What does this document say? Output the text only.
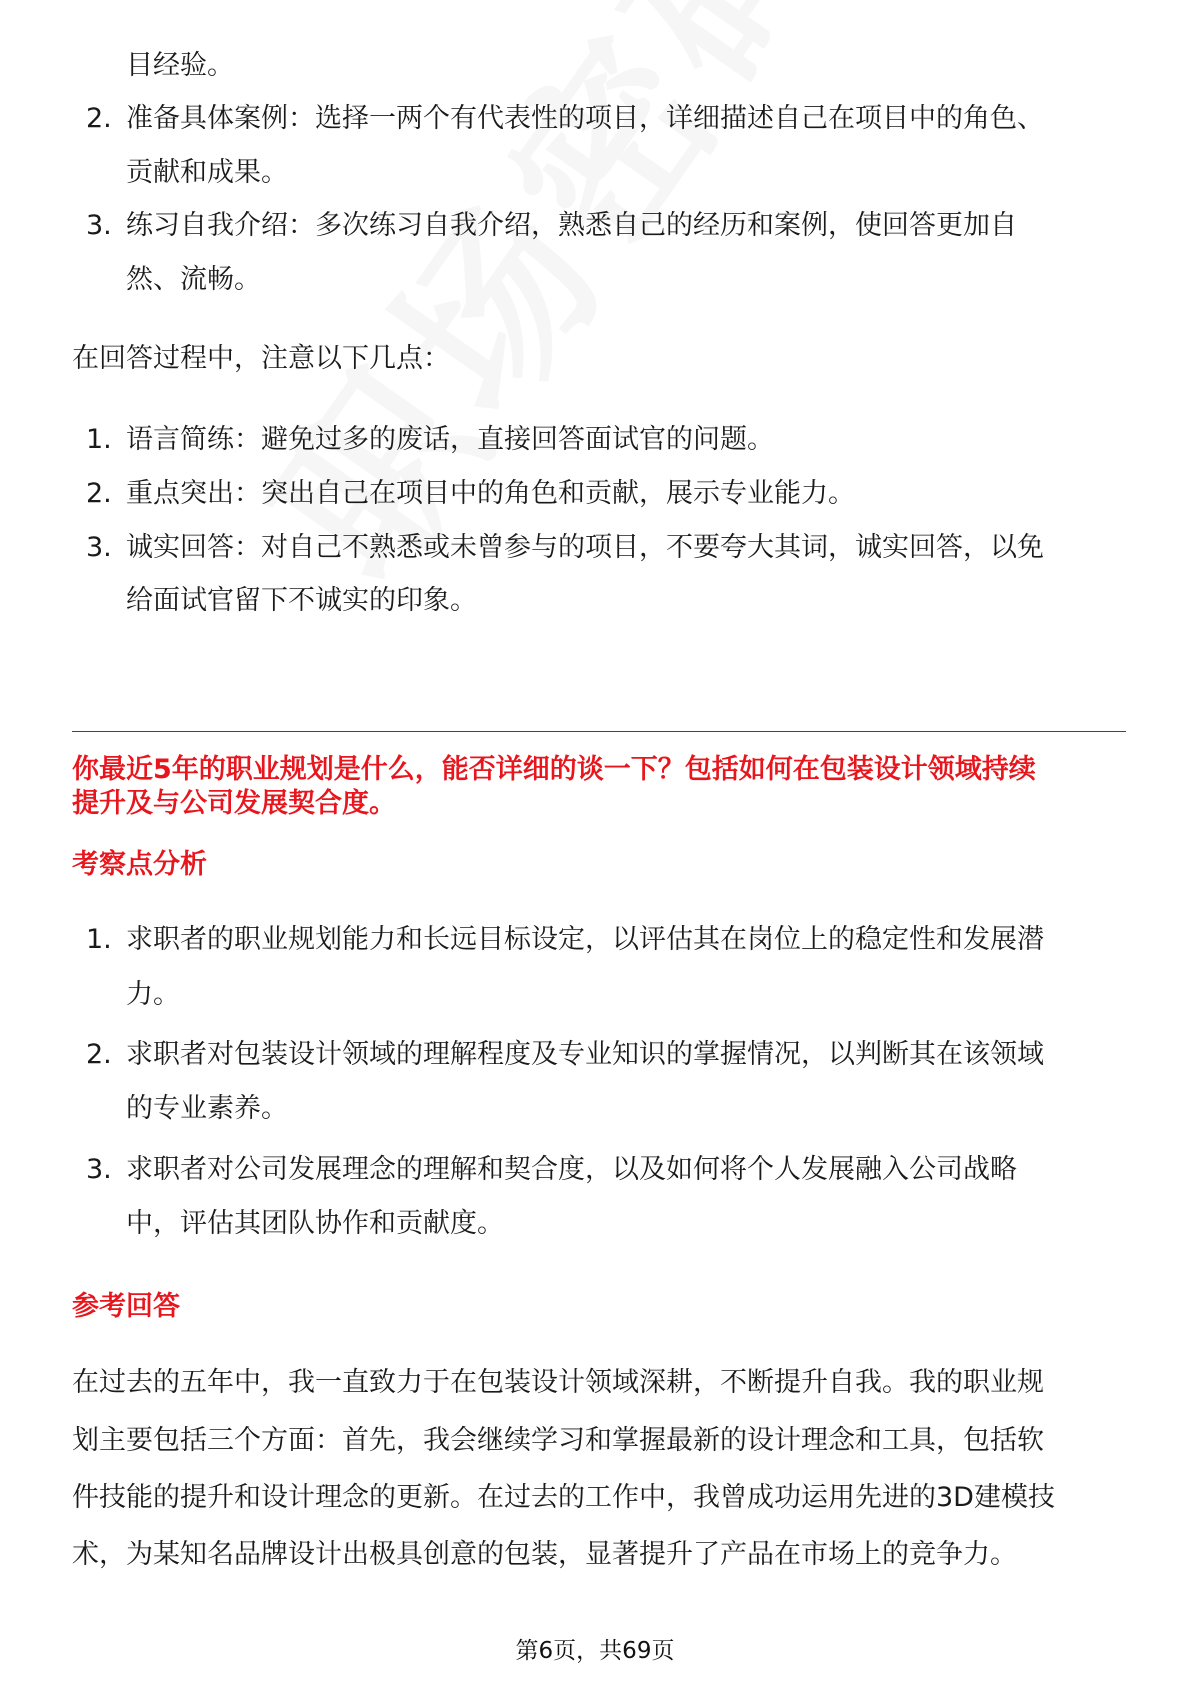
目经验。
2. 准备具体案例：选择一两个有代表性的项目，详细描述自己在项目中的角色、
贡献和成果。
3. 练习自我介绍：多次练习自我介绍，熟悉自己的经历和案例，使回答更加自
然、流畅。
在回答过程中，注意以下几点：
1. 语言简练：避免过多的废话，直接回答面试官的问题。
2. 重点突出：突出自己在项目中的角色和贡献，展示专业能力。
3. 诚实回答：对自己不熟悉或未曾参与的项目，不要夸大其词，诚实回答，以免
给面试官留下不诚实的印象。
你最近5年的职业规划是什么，能否详细的谈一下？包括如何在包装设计领域持续
提升及与公司发展契合度。
考察点分析
1. 求职者的职业规划能力和长远目标设定，以评估其在岗位上的稳定性和发展潜
力。
2. 求职者对包装设计领域的理解程度及专业知识的掌握情况，以判断其在该领域
的专业素养。
3. 求职者对公司发展理念的理解和契合度，以及如何将个人发展融入公司战略
中，评估其团队协作和贡献度。
参考回答
在过去的五年中，我一直致力于在包装设计领域深耕，不断提升自我。我的职业规
划主要包括三个方面：首先，我会继续学习和掌握最新的设计理念和工具，包括软
件技能的提升和设计理念的更新。在过去的工作中，我曾成功运用先进的3D建模技
术，为某知名品牌设计出极具创意的包装，显著提升了产品在市场上的竞争力。
第6页，共69页
